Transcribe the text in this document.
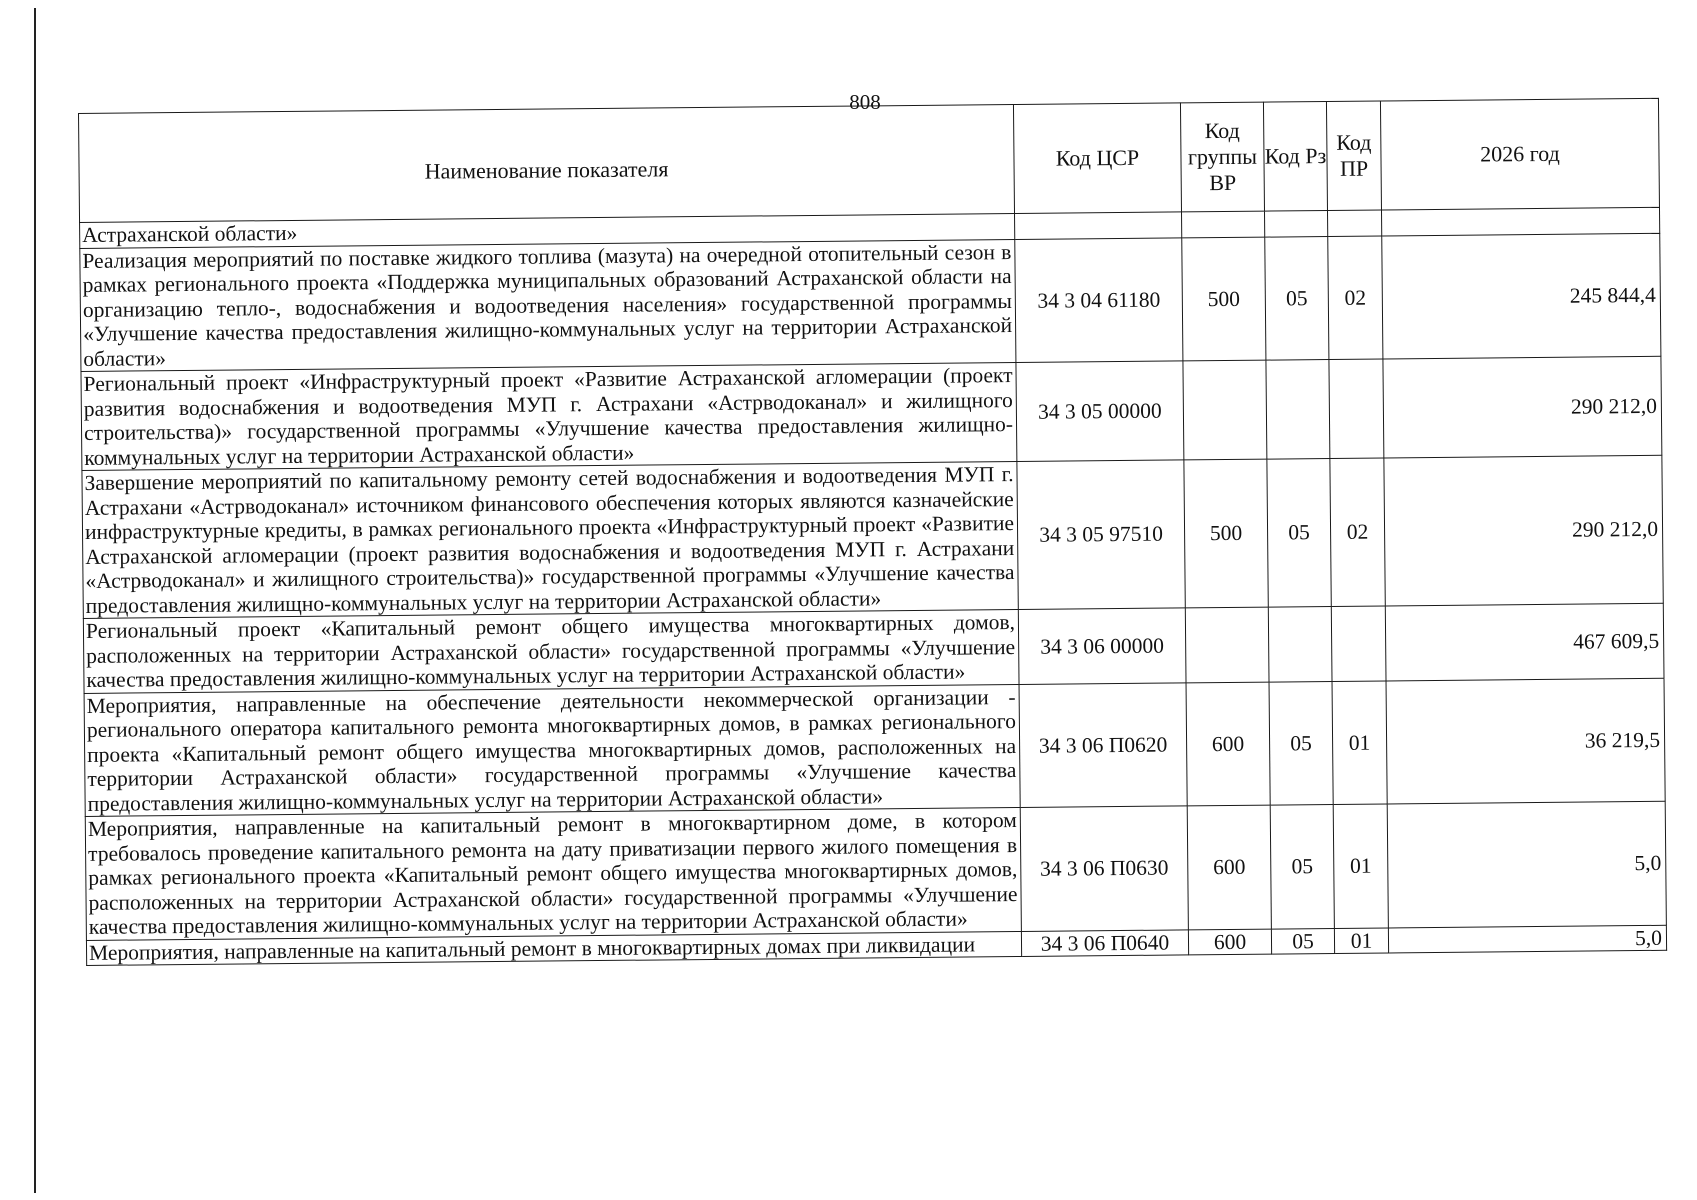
808
Наименование показателя	Код ЦСР	Код группы ВР	Код Рз	Код ПР	2026 год
Астраханской области»					
Реализация мероприятий по поставке жидкого топлива (мазута) на очередной отопительный сезон в рамках регионального проекта «Поддержка муниципальных образований Астраханской области на организацию тепло-, водоснабжения и водоотведения населения» государственной программы «Улучшение качества предоставления жилищно-коммунальных услуг на территории Астраханской области»	34 3 04 61180	500	05	02	245 844,4
Региональный проект «Инфраструктурный проект «Развитие Астраханской агломерации (проект развития водоснабжения и водоотведения МУП г. Астрахани «Астрводоканал» и жилищного строительства)» государственной программы «Улучшение качества предоставления жилищно-коммунальных услуг на территории Астраханской области»	34 3 05 00000				290 212,0
Завершение мероприятий по капитальному ремонту сетей водоснабжения и водоотведения МУП г. Астрахани «Астрводоканал» источником финансового обеспечения которых являются казначейские инфраструктурные кредиты, в рамках регионального проекта «Инфраструктурный проект «Развитие Астраханской агломерации (проект развития водоснабжения и водоотведения МУП г. Астрахани «Астрводоканал» и жилищного строительства)» государственной программы «Улучшение качества предоставления жилищно-коммунальных услуг на территории Астраханской области»	34 3 05 97510	500	05	02	290 212,0
Региональный проект «Капитальный ремонт общего имущества многоквартирных домов, расположенных на территории Астраханской области» государственной программы «Улучшение качества предоставления жилищно-коммунальных услуг на территории Астраханской области»	34 3 06 00000				467 609,5
Мероприятия, направленные на обеспечение деятельности некоммерческой организации - регионального оператора капитального ремонта многоквартирных домов, в рамках регионального проекта «Капитальный ремонт общего имущества многоквартирных домов, расположенных на территории Астраханской области» государственной программы «Улучшение качества предоставления жилищно-коммунальных услуг на территории Астраханской области»	34 3 06 П0620	600	05	01	36 219,5
Мероприятия, направленные на капитальный ремонт в многоквартирном доме, в котором требовалось проведение капитального ремонта на дату приватизации первого жилого помещения в рамках регионального проекта «Капитальный ремонт общего имущества многоквартирных домов, расположенных на территории Астраханской области» государственной программы «Улучшение качества предоставления жилищно-коммунальных услуг на территории Астраханской области»	34 3 06 П0630	600	05	01	5,0
Мероприятия, направленные на капитальный ремонт в многоквартирных домах при ликвидации	34 3 06 П0640	600	05	01	5,0
